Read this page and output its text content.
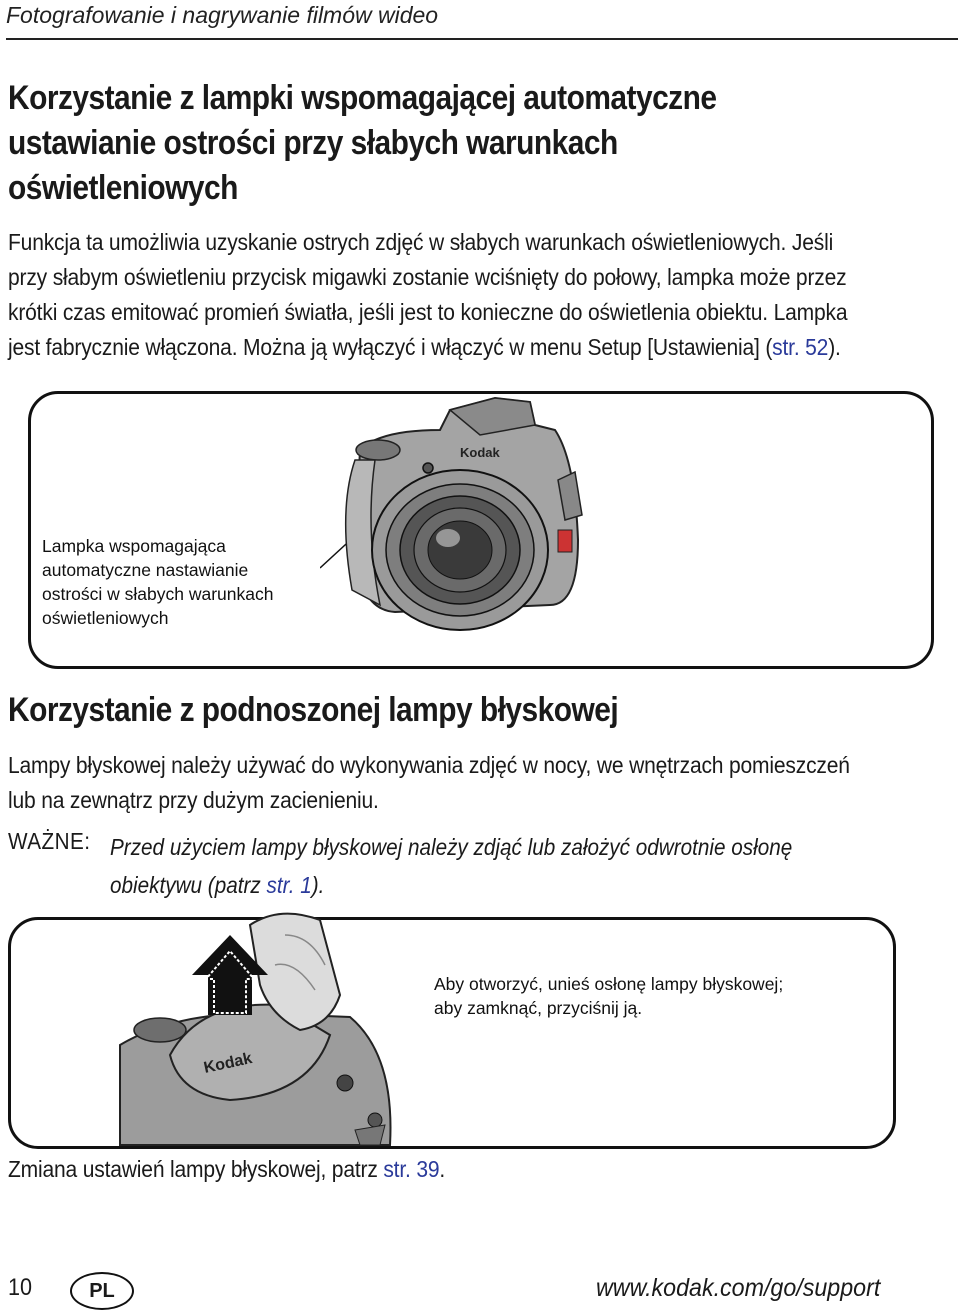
Fotografowanie i nagrywanie filmów wideo
Korzystanie z lampki wspomagającej automatyczne
ustawianie ostrości przy słabych warunkach
oświetleniowych
Funkcja ta umożliwia uzyskanie ostrych zdjęć w słabych warunkach oświetleniowych. Jeśli
przy słabym oświetleniu przycisk migawki zostanie wciśnięty do połowy, lampka może przez
krótki czas emitować promień światła, jeśli jest to konieczne do oświetlenia obiektu. Lampka
jest fabrycznie włączona. Można ją wyłączyć i włączyć w menu Setup [Ustawienia] (str. 52).
Lampka wspomagająca
automatyczne nastawianie
ostrości w słabych warunkach
oświetleniowych
Kodak
Korzystanie z podnoszonej lampy błyskowej
Lampy błyskowej należy używać do wykonywania zdjęć w nocy, we wnętrzach pomieszczeń
lub na zewnątrz przy dużym zacienieniu.
WAŻNE: Przed użyciem lampy błyskowej należy zdjąć lub założyć odwrotnie osłonę
obiektywu (patrz str. 1).
Aby otworzyć, unieś osłonę lampy błyskowej;
aby zamknąć, przyciśnij ją.
Kodak
Zmiana ustawień lampy błyskowej, patrz str. 39.
10	PL	www.kodak.com/go/support
